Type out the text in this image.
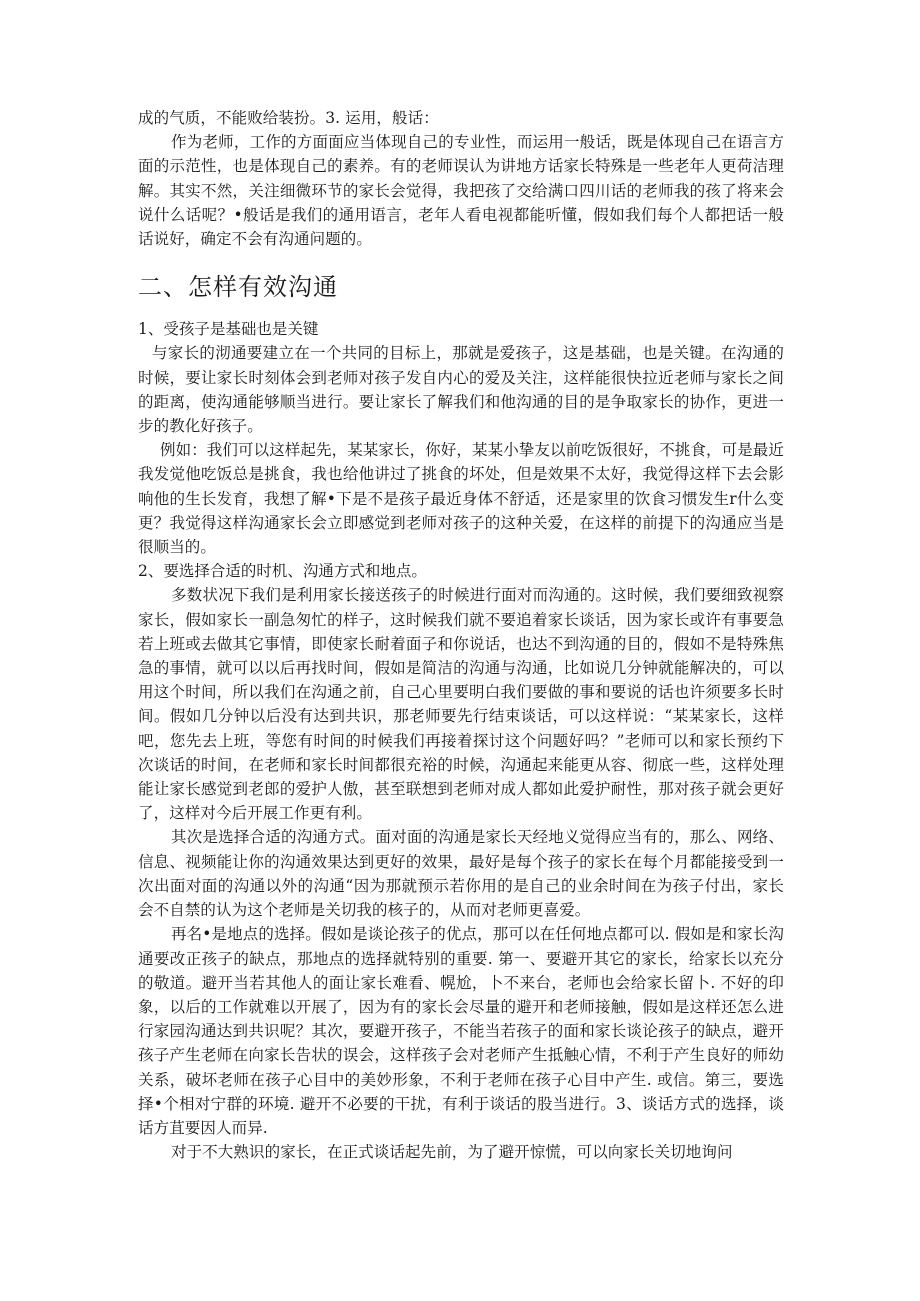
成的气质，不能败给装扮。3. 运用，般话：

作为老师，工作的方面面应当体现自己的专业性，而运用一般话，既是体现自己在语言方面的示范性，也是体现自己的素养。有的老师误认为讲地方话家长特殊是一些老年人更荷洁理解。其实不然，关注细微环节的家长会觉得，我把孩了交给满口四川话的老师我的孩了将来会说什么话呢？•般话是我们的通用语言，老年人看电视都能听懂，假如我们每个人都把话一般话说好，确定不会有沟通问题的。

二、怎样有效沟通

1、受孩子是基础也是关键

与家长的沏通要建立在一个共同的目标上，那就是爱孩子，这是基础，也是关键。在沟通的时候，要让家长时刻体会到老师对孩子发自内心的爱及关注，这样能很快拉近老师与家长之间的距离，使沟通能够顺当进行。要让家长了解我们和他沟通的目的是争取家长的协作，更进一步的教化好孩子。

例如：我们可以这样起先，某某家长，你好，某某小挚友以前吃饭很好，不挑食，可是最近我发觉他吃饭总是挑食，我也给他讲过了挑食的坏处，但是效果不太好，我觉得这样下去会影响他的生长发育，我想了解•下是不是孩子最近身体不舒适，还是家里的饮食习惯发生r什么变更？我觉得这样沟通家长会立即感觉到老师对孩子的这种关爱，在这样的前提下的沟通应当是很顺当的。

2、要选择合适的时机、沟通方式和地点。

多数状况下我们是利用家长接送孩子的时候进行面对而沟通的。这时候，我们要细致视察家长，假如家长一副急匆忙的样子，这时候我们就不要追着家长谈话，因为家长或许有事要急若上班或去做其它事情，即使家长耐着面子和你说话，也达不到沟通的目的，假如不是特殊焦急的事情，就可以以后再找时间，假如是简洁的沟通与沟通，比如说几分钟就能解决的，可以用这个时间，所以我们在沟通之前，自己心里要明白我们要做的事和要说的话也许须要多长时间。假如几分钟以后没有达到共识，那老师要先行结束谈话，可以这样说：“某某家长，这样吧，您先去上班，等您有时间的时候我们再接着探讨这个问题好吗？”老师可以和家长预约下次谈话的时间，在老师和家长时间都很充裕的时候，沟通起来能更从容、彻底一些，这样处理能让家长感觉到老郎的爱护人傲，甚至联想到老师对成人都如此爱护耐性，那对孩子就会更好了，这样对今后开展工作更有利。

其次是选择合适的沟通方式。面对面的沟通是家长天经地义觉得应当有的，那么、网络、信息、视频能让你的沟通效果达到更好的效果，最好是每个孩子的家长在每个月都能接受到一次出面对面的沟通以外的沟通“因为那就预示若你用的是自己的业余时间在为孩子付出，家长会不自禁的认为这个老师是关切我的核子的，从而对老师更喜爱。

再名•是地点的选择。假如是谈论孩子的优点，那可以在任何地点都可以. 假如是和家长沟通要改正孩子的缺点，那地点的选择就特别的重要. 第一、要避开其它的家长，给家长以充分的敬道。避开当若其他人的面让家长难看、幌尬，卜不来台，老师也会给家长留卜. 不好的印象，以后的工作就难以开展了，因为有的家长会尽量的避开和老师接触，假如是这样还怎么进行家园沟通达到共识呢？其次，要避开孩子，不能当若孩子的面和家长谈论孩子的缺点，避开孩子产生老师在向家长告状的误会，这样孩子会对老师产生抵触心情，不利于产生良好的师幼关系，破坏老师在孩子心目中的美妙形象，不利于老师在孩子心目中产生. 或信。第三，要选择•个相对宁群的环境. 避开不必要的干扰，有利于谈话的股当进行。3、谈话方式的选择，谈话方苴要因人而异.

对于不大熟识的家长，在正式谈话起先前，为了避开惊慌，可以向家长关切地询问
